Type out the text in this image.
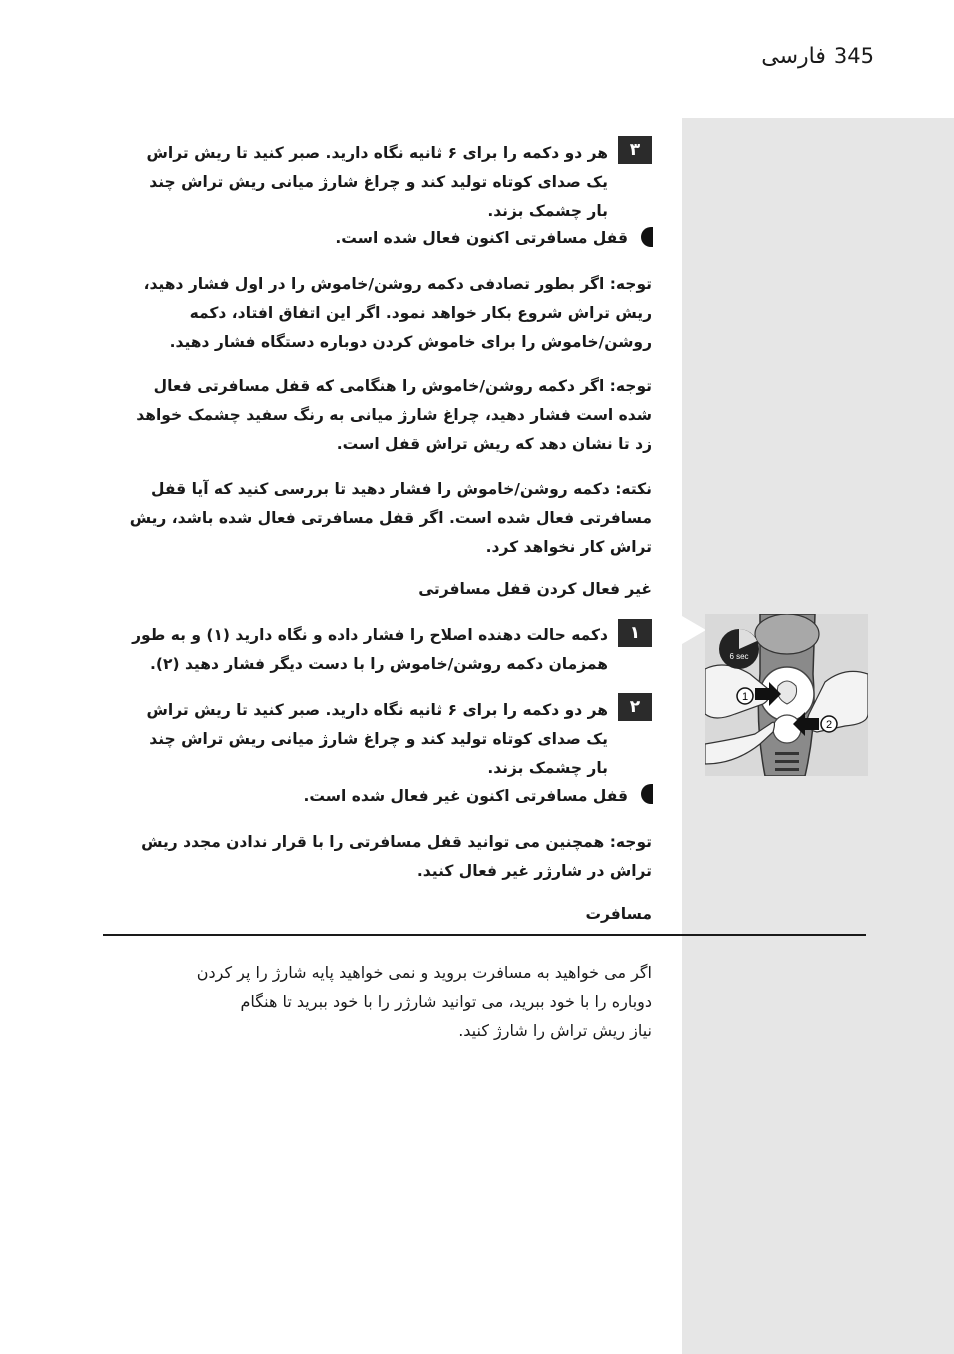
فارسی 345
۳
هر دو دکمه را برای ۶ ثانیه نگاه دارید. صبر کنید تا ریش تراش
یک صدای کوتاه تولید کند و چراغ شارژ میانی ریش تراش چند
بار چشمک بزند.
قفل مسافرتی اکنون فعال شده است.
توجه: اگر بطور تصادفی دکمه روشن/خاموش را در اول فشار دهید،
ریش تراش شروع بکار خواهد نمود. اگر این اتفاق افتاد، دکمه
روشن/خاموش را برای خاموش کردن دوباره دستگاه فشار دهید.
توجه: اگر دکمه روشن/خاموش را هنگامی که قفل مسافرتی فعال
شده است فشار دهید، چراغ شارژ میانی به رنگ سفید چشمک خواهد
زد تا نشان دهد که ریش تراش قفل است.
نکته: دکمه روشن/خاموش را فشار دهید تا بررسی کنید که آیا قفل
مسافرتی فعال شده است. اگر قفل مسافرتی فعال شده باشد، ریش
تراش کار نخواهد کرد.
غیر فعال کردن قفل مسافرتی
۱
دکمه حالت دهنده اصلاح را فشار داده و نگاه دارید (۱) و به طور
همزمان دکمه روشن/خاموش را با دست دیگر فشار دهید (۲).
۲
هر دو دکمه را برای ۶ ثانیه نگاه دارید. صبر کنید تا ریش تراش
یک صدای کوتاه تولید کند و چراغ شارژ میانی ریش تراش چند
بار چشمک بزند.
قفل مسافرتی اکنون غیر فعال شده است.
توجه: همچنین می توانید قفل مسافرتی را با قرار ندادن مجدد ریش
تراش در شارژر غیر فعال کنید.
مسافرت
اگر می خواهید به مسافرت بروید و نمی خواهید پایه شارژ را پر کردن
دوباره را با خود ببرید، می توانید شارژر را با خود ببرید تا هنگام
نیاز ریش تراش را شارژ کنید.
6 sec
1
2
